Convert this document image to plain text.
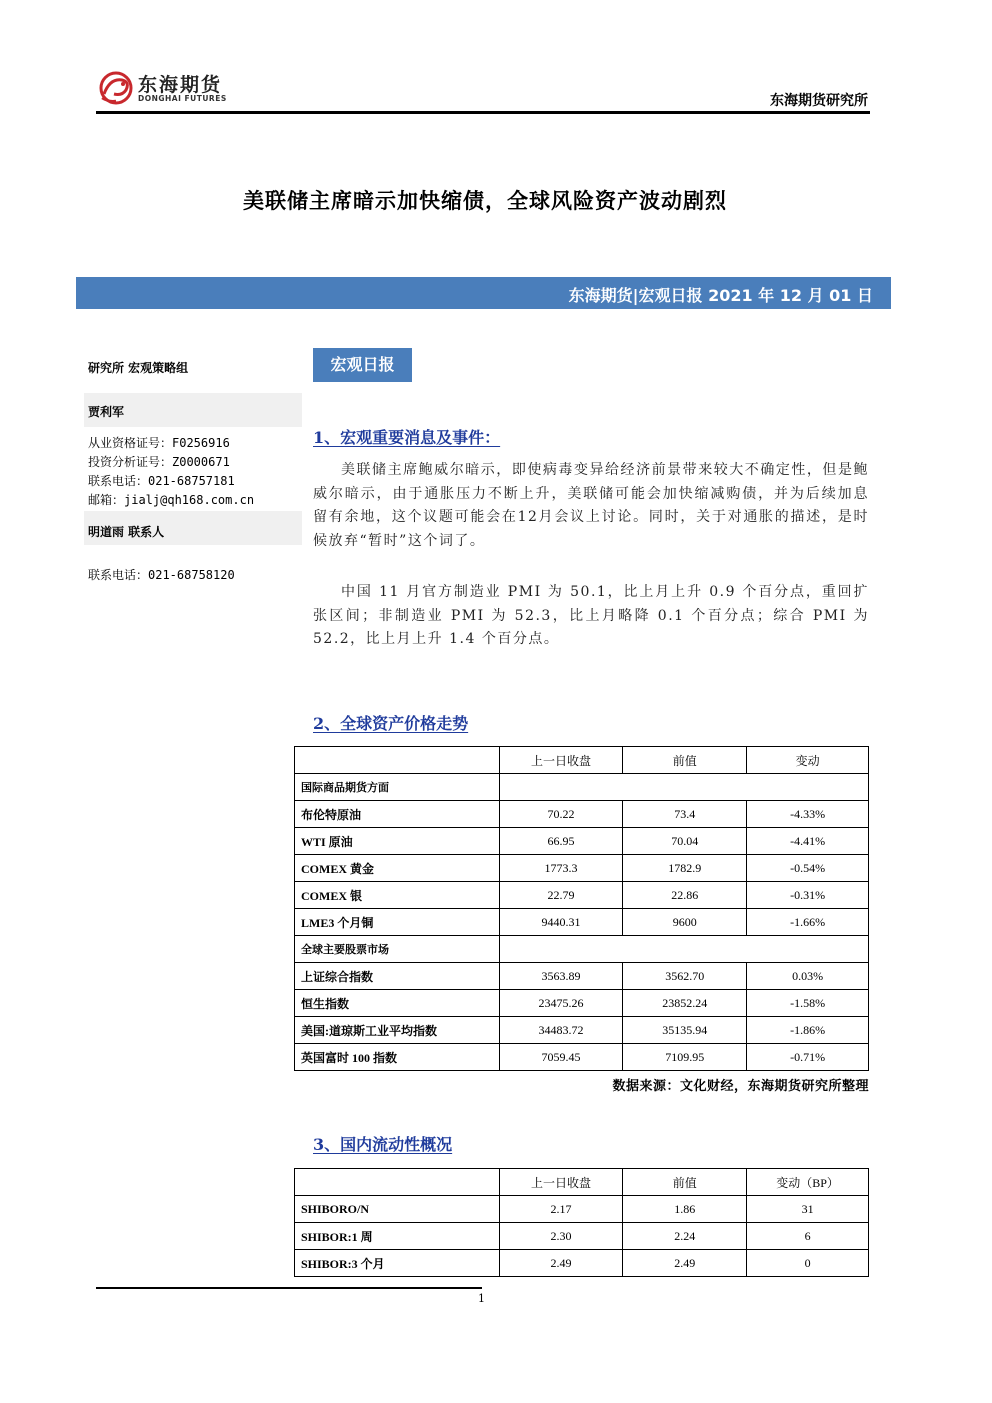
东海期货
DONGHAI FUTURES	东海期货研究所
美联储主席暗示加快缩债，全球风险资产波动剧烈
东海期货|宏观日报 2021 年 12 月 01 日
研究所 宏观策略组
贾利军
从业资格证号：F0256916
投资分析证号：Z0000671
联系电话：021-68757181
邮箱：jialj@qh168.com.cn
明道雨 联系人
联系电话：021-68758120
宏观日报
1、宏观重要消息及事件：

美联储主席鲍威尔暗示，即使病毒变异给经济前景带来较大不确定性，但是鲍威尔暗示，由于通胀压力不断上升，美联储可能会加快缩减购债，并为后续加息留有余地，这个议题可能会在12月会议上讨论。同时，关于对通胀的描述，是时候放弃“暂时”这个词了。

中国 11 月官方制造业 PMI 为 50.1，比上月上升 0.9 个百分点，重回扩张区间；非制造业 PMI 为 52.3，比上月略降 0.1 个百分点；综合 PMI 为 52.2，比上月上升 1.4 个百分点。

2、全球资产价格走势
	上一日收盘	前值	变动
国际商品期货方面			
布伦特原油	70.22	73.4	-4.33%
WTI 原油	66.95	70.04	-4.41%
COMEX 黄金	1773.3	1782.9	-0.54%
COMEX 银	22.79	22.86	-0.31%
LME3 个月铜	9440.31	9600	-1.66%
全球主要股票市场			
上证综合指数	3563.89	3562.70	0.03%
恒生指数	23475.26	23852.24	-1.58%
美国:道琼斯工业平均指数	34483.72	35135.94	-1.86%
英国富时 100 指数	7059.45	7109.95	-0.71%
数据来源：文化财经，东海期货研究所整理
3、国内流动性概况
	上一日收盘	前值	变动（BP）
SHIBORO/N	2.17	1.86	31
SHIBOR:1 周	2.30	2.24	6
SHIBOR:3 个月	2.49	2.49	0
1
